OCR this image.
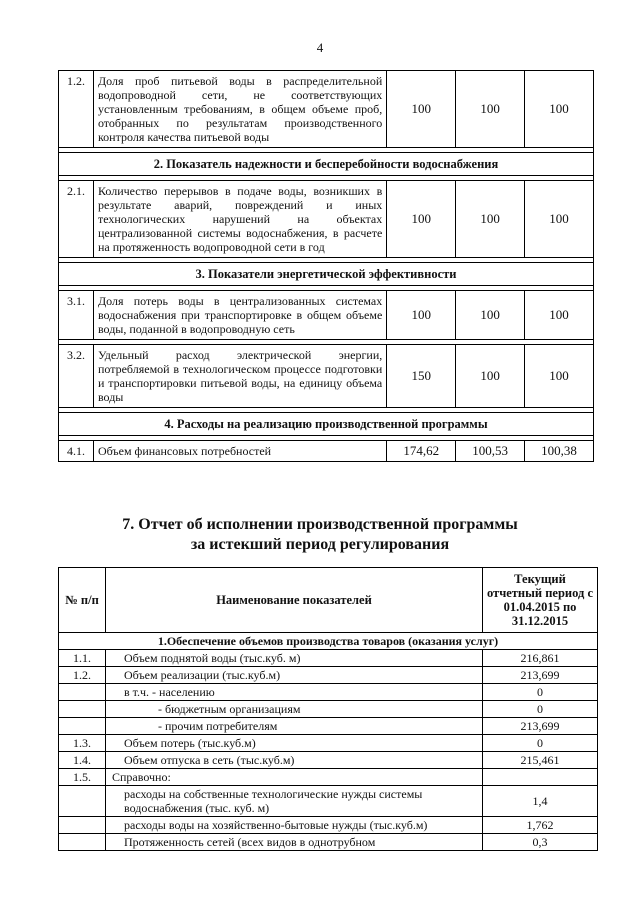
4
1.2.	Доля проб питьевой воды в распределительной водопроводной сети, не соответствующих установленным требованиям, в общем объеме проб, отобранных по результатам производственного контроля качества питьевой воды	100	100	100

2. Показатель надежности и бесперебойности водоснабжения				

2.1.	Количество перерывов в подаче воды, возникших в результате аварий, повреждений и иных технологических нарушений на объектах централизованной системы водоснабжения, в расчете на протяженность водопроводной сети в год	100	100	100

3. Показатели энергетической эффективности				

3.1.	Доля потерь воды в централизованных системах водоснабжения при транспортировке в общем объеме воды, поданной в водопроводную сеть	100	100	100

3.2.	Удельный расход электрической энергии, потребляемой в технологическом процессе подготовки и транспортировки питьевой воды, на единицу объема воды	150	100	100

4. Расходы на реализацию производственной программы				

4.1.	Объем финансовых потребностей	174,62	100,53	100,38
7. Отчет об исполнении производственной программы
за истекший период регулирования
№ п/п	Наименование показателей	Текущий отчетный период с 01.04.2015 по 31.12.2015
1.Обеспечение объемов производства товаров (оказания услуг)		
1.1.	Объем поднятой воды (тыс.куб. м)	216,861
1.2.	Объем реализации (тыс.куб.м)	213,699
	в т.ч. - населению	0
	- бюджетным организациям	0
	- прочим потребителям	213,699
1.3.	Объем потерь (тыс.куб.м)	0
1.4.	Объем отпуска в сеть (тыс.куб.м)	215,461
1.5.	Справочно:	
	расходы на собственные технологические нужды системы водоснабжения (тыс. куб. м)	1,4
	расходы воды на хозяйственно-бытовые нужды (тыс.куб.м)	1,762
	Протяженность сетей (всех видов в однотрубном	0,3
